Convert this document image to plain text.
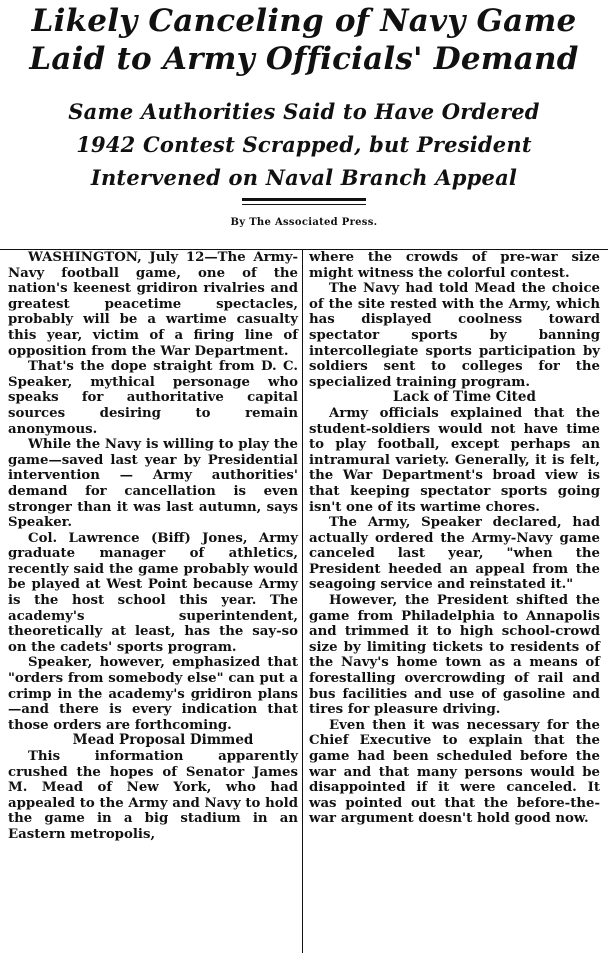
Likely Canceling of Navy Game
Laid to Army Officials' Demand
Same Authorities Said to Have Ordered
1942 Contest Scrapped, but President
Intervened on Naval Branch Appeal
By The Associated Press.

WASHINGTON, July 12—The Army-Navy football game, one of the nation's keenest gridiron rivalries and greatest peacetime spectacles, probably will be a wartime casualty this year, victim of a firing line of opposition from the War Department.

That's the dope straight from D. C. Speaker, mythical personage who speaks for authoritative capital sources desiring to remain anonymous.

While the Navy is willing to play the game—saved last year by Presidential intervention — Army authorities' demand for cancellation is even stronger than it was last autumn, says Speaker.

Col. Lawrence (Biff) Jones, Army graduate manager of athletics, recently said the game probably would be played at West Point because Army is the host school this year. The academy's superintendent, theoretically at least, has the say-so on the cadets' sports program.

Speaker, however, emphasized that "orders from somebody else" can put a crimp in the academy's gridiron plans—and there is every indication that those orders are forthcoming.

Mead Proposal Dimmed

This information apparently crushed the hopes of Senator James M. Mead of New York, who had appealed to the Army and Navy to hold the game in a big stadium in an Eastern metropolis,

where the crowds of pre-war size might witness the colorful contest.

The Navy had told Mead the choice of the site rested with the Army, which has displayed coolness toward spectator sports by banning intercollegiate sports participation by soldiers sent to colleges for the specialized training program.

Lack of Time Cited

Army officials explained that the student-soldiers would not have time to play football, except perhaps an intramural variety. Generally, it is felt, the War Department's broad view is that keeping spectator sports going isn't one of its wartime chores.

The Army, Speaker declared, had actually ordered the Army-Navy game canceled last year, "when the President heeded an appeal from the seagoing service and reinstated it."

However, the President shifted the game from Philadelphia to Annapolis and trimmed it to high school-crowd size by limiting tickets to residents of the Navy's home town as a means of forestalling overcrowding of rail and bus facilities and use of gasoline and tires for pleasure driving.

Even then it was necessary for the Chief Executive to explain that the game had been scheduled before the war and that many persons would be disappointed if it were canceled. It was pointed out that the before-the-war argument doesn't hold good now.
